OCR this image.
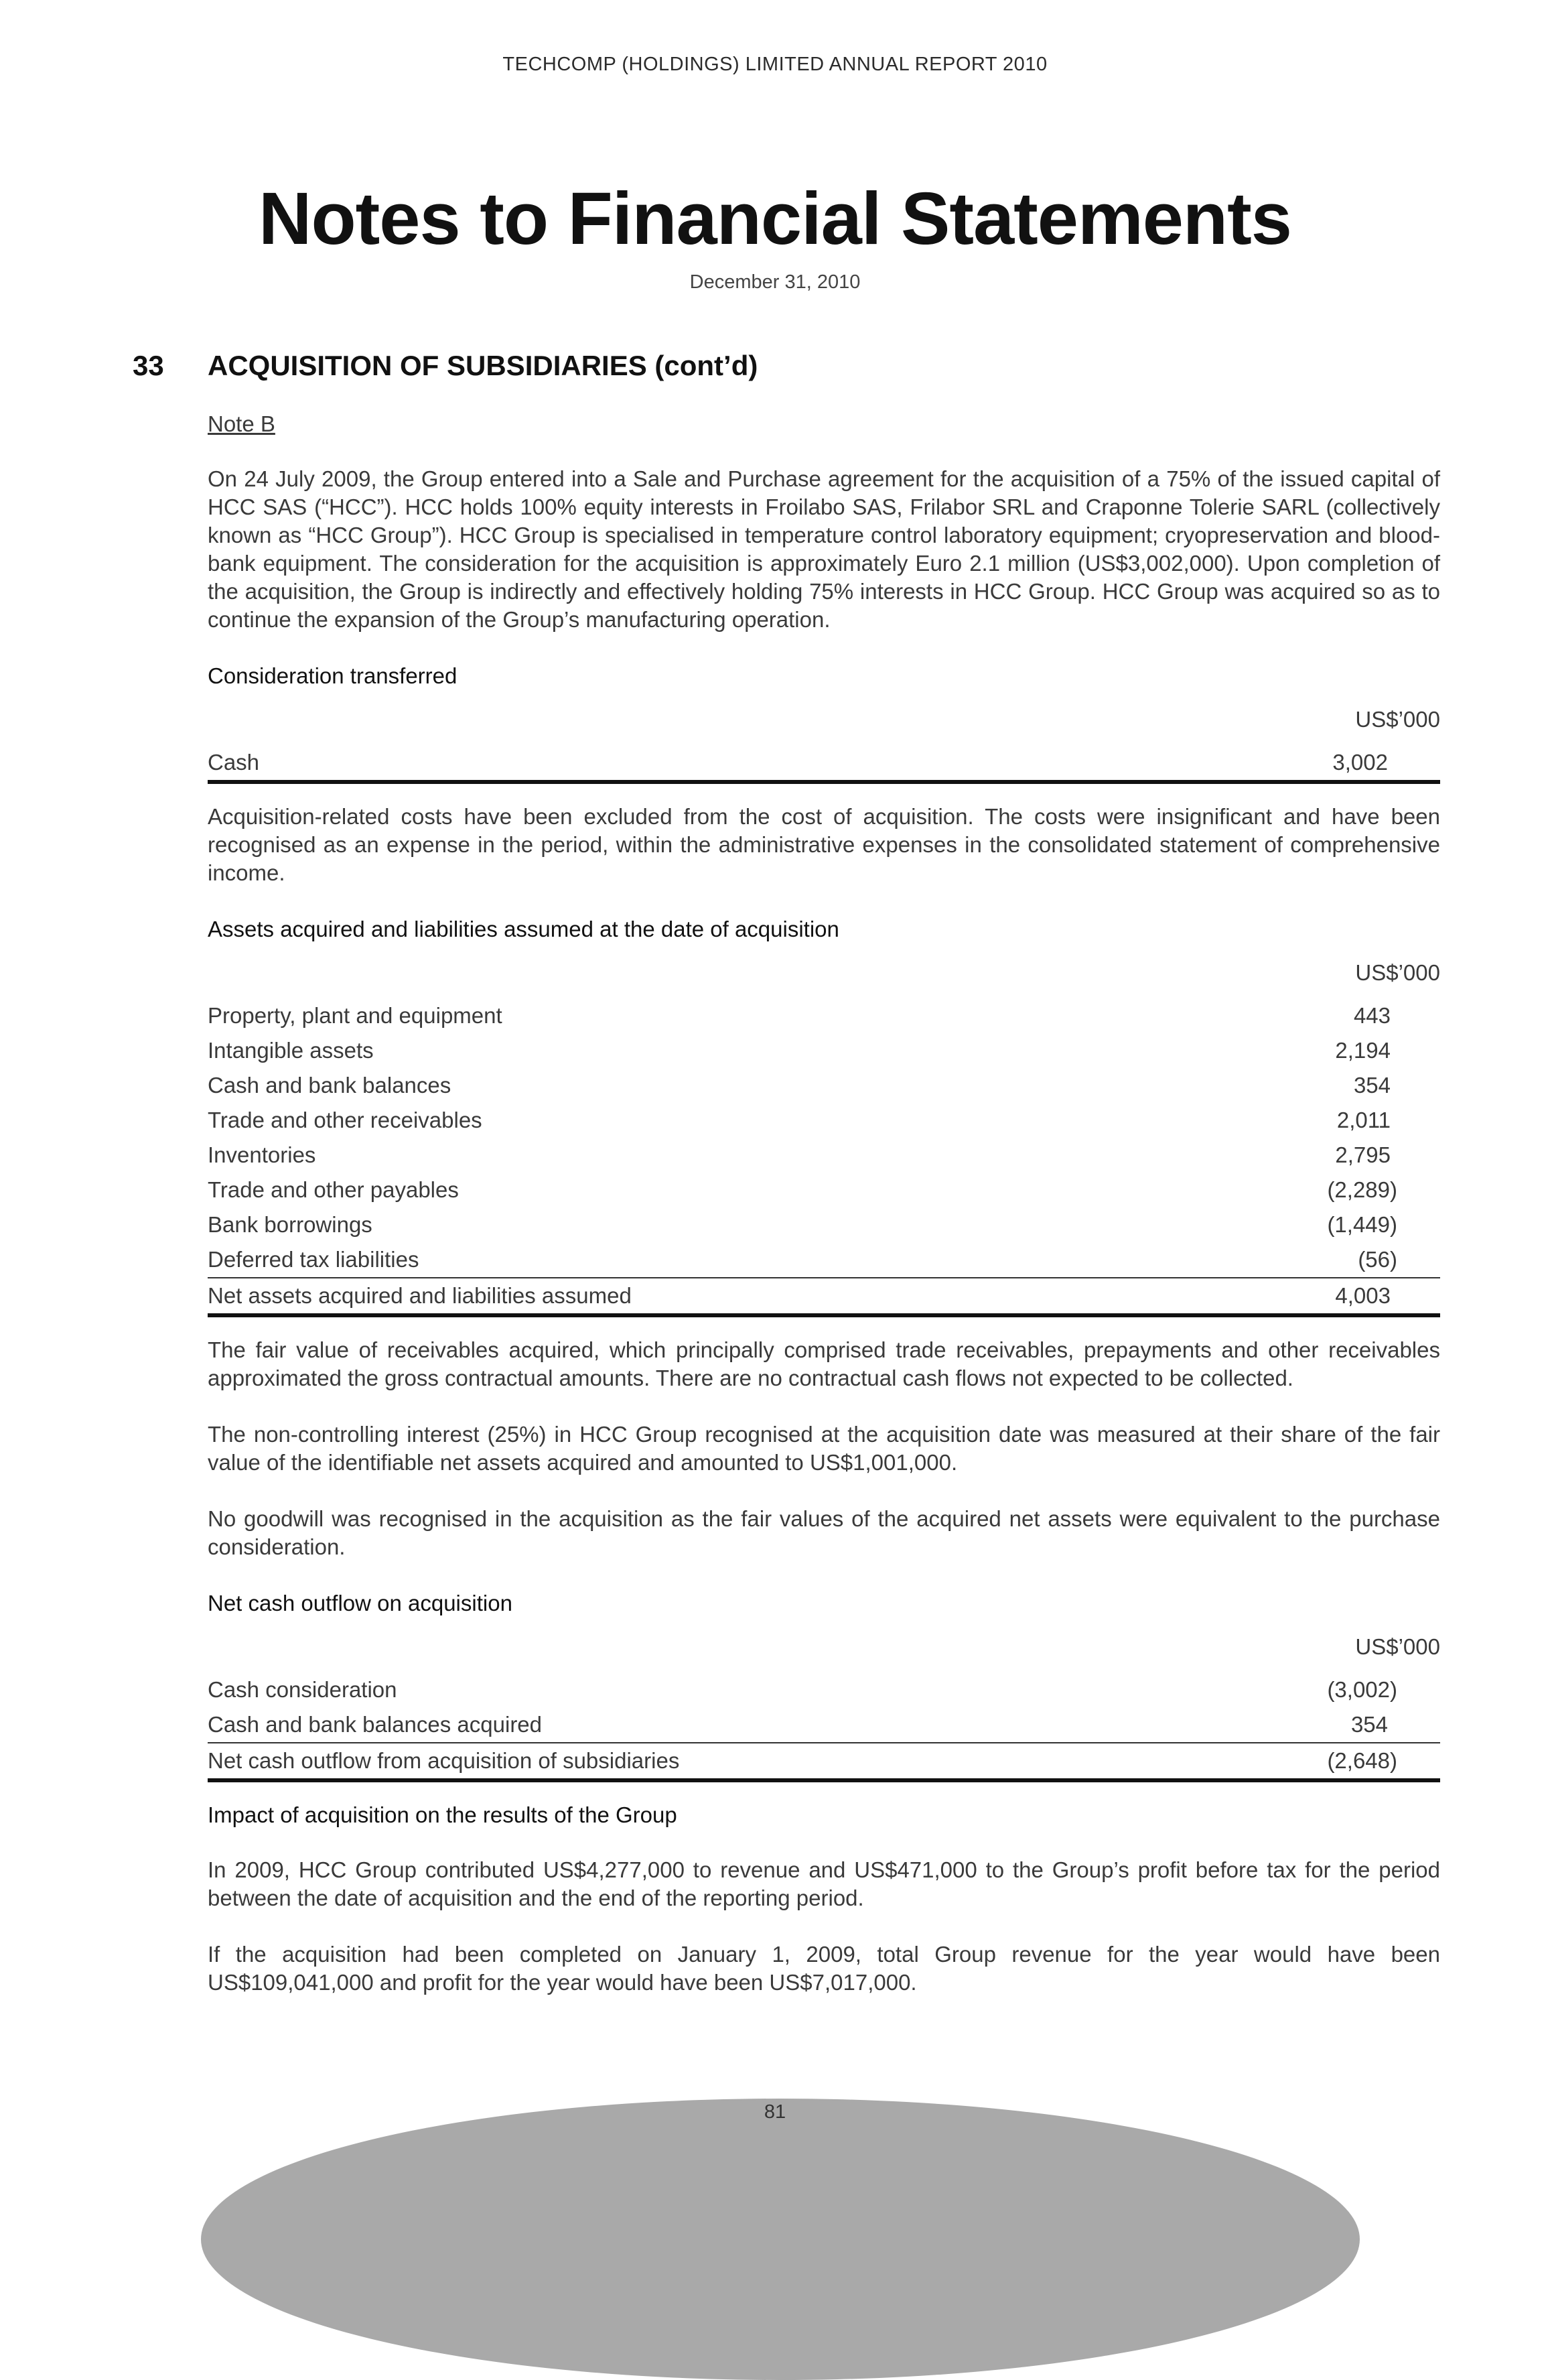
TECHCOMP (HOLDINGS) LIMITED ANNUAL REPORT 2010
Notes to Financial Statements
December 31, 2010
33 ACQUISITION OF SUBSIDIARIES (cont’d)

Note B

On 24 July 2009, the Group entered into a Sale and Purchase agreement for the acquisition of a 75% of the issued capital of HCC SAS (“HCC”). HCC holds 100% equity interests in Froilabo SAS, Frilabor SRL and Craponne Tolerie SARL (collectively known as “HCC Group”). HCC Group is specialised in temperature control laboratory equipment; cryopreservation and blood-bank equipment. The consideration for the acquisition is approximately Euro 2.1 million (US$3,002,000). Upon completion of the acquisition, the Group is indirectly and effectively holding 75% interests in HCC Group. HCC Group was acquired so as to continue the expansion of the Group’s manufacturing operation.

Consideration transferred

	US$’000
Cash	3,002

Acquisition-related costs have been excluded from the cost of acquisition. The costs were insignificant and have been recognised as an expense in the period, within the administrative expenses in the consolidated statement of comprehensive income.

Assets acquired and liabilities assumed at the date of acquisition

	US$’000
Property, plant and equipment	443
Intangible assets	2,194
Cash and bank balances	354
Trade and other receivables	2,011
Inventories	2,795
Trade and other payables	(2,289)
Bank borrowings	(1,449)
Deferred tax liabilities	(56)
Net assets acquired and liabilities assumed	4,003

The fair value of receivables acquired, which principally comprised trade receivables, prepayments and other receivables approximated the gross contractual amounts. There are no contractual cash flows not expected to be collected.

The non-controlling interest (25%) in HCC Group recognised at the acquisition date was measured at their share of the fair value of the identifiable net assets acquired and amounted to US$1,001,000.

No goodwill was recognised in the acquisition as the fair values of the acquired net assets were equivalent to the purchase consideration.

Net cash outflow on acquisition

	US$’000
Cash consideration	(3,002)
Cash and bank balances acquired	354
Net cash outflow from acquisition of subsidiaries	(2,648)

Impact of acquisition on the results of the Group

In 2009, HCC Group contributed US$4,277,000 to revenue and US$471,000 to the Group’s profit before tax for the period between the date of acquisition and the end of the reporting period.

If the acquisition had been completed on January 1, 2009, total Group revenue for the year would have been US$109,041,000 and profit for the year would have been US$7,017,000.

81
